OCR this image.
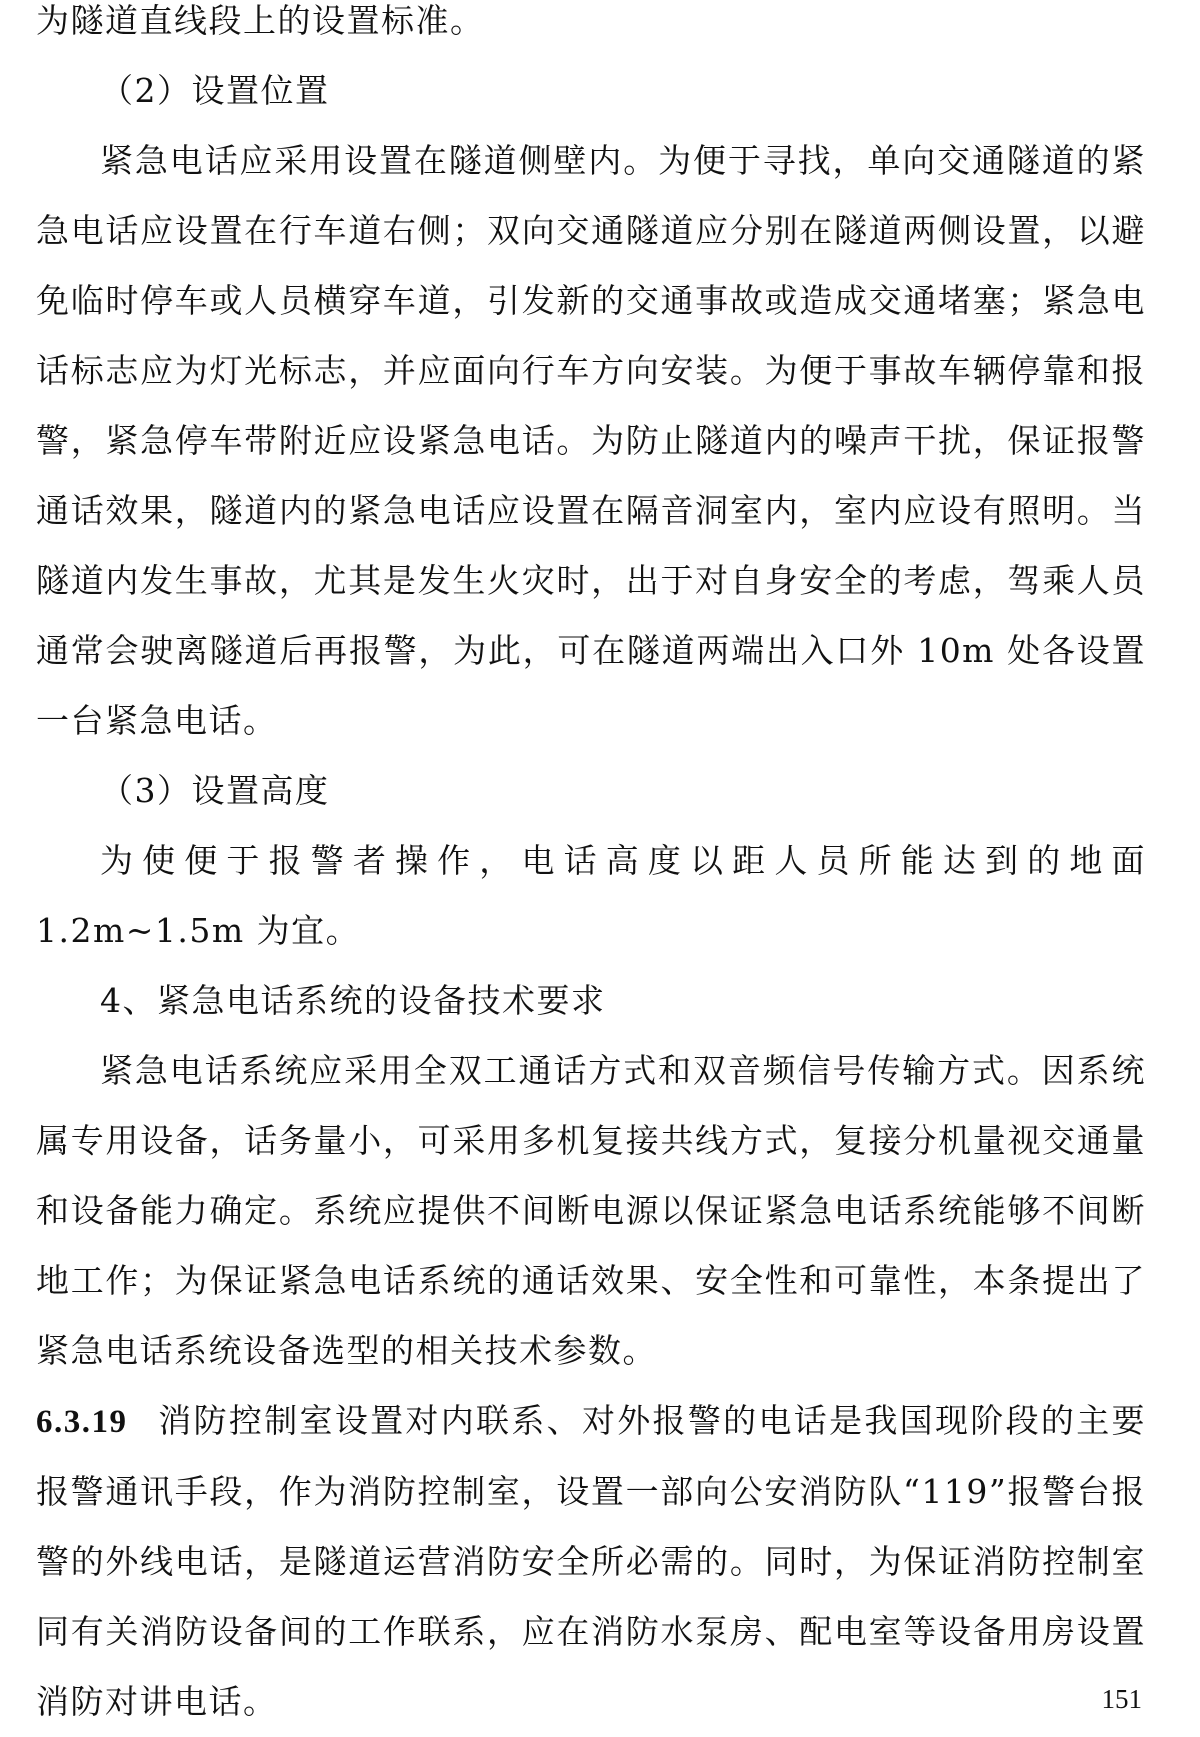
为隧道直线段上的设置标准。

（2）设置位置

紧急电话应采用设置在隧道侧壁内。为便于寻找，单向交通隧道的紧急电话应设置在行车道右侧；双向交通隧道应分别在隧道两侧设置，以避免临时停车或人员横穿车道，引发新的交通事故或造成交通堵塞；紧急电话标志应为灯光标志，并应面向行车方向安装。为便于事故车辆停靠和报警，紧急停车带附近应设紧急电话。为防止隧道内的噪声干扰，保证报警通话效果，隧道内的紧急电话应设置在隔音洞室内，室内应设有照明。当隧道内发生事故，尤其是发生火灾时，出于对自身安全的考虑，驾乘人员通常会驶离隧道后再报警，为此，可在隧道两端出入口外 10m 处各设置一台紧急电话。

（3）设置高度

为使便于报警者操作，电话高度以距人员所能达到的地面 1.2m~1.5m 为宜。

4、紧急电话系统的设备技术要求

紧急电话系统应采用全双工通话方式和双音频信号传输方式。因系统属专用设备，话务量小，可采用多机复接共线方式，复接分机量视交通量和设备能力确定。系统应提供不间断电源以保证紧急电话系统能够不间断地工作；为保证紧急电话系统的通话效果、安全性和可靠性，本条提出了紧急电话系统设备选型的相关技术参数。

6.3.19 消防控制室设置对内联系、对外报警的电话是我国现阶段的主要报警通讯手段，作为消防控制室，设置一部向公安消防队“119”报警台报警的外线电话，是隧道运营消防安全所必需的。同时，为保证消防控制室同有关消防设备间的工作联系，应在消防水泵房、配电室等设备用房设置消防对讲电话。	151
